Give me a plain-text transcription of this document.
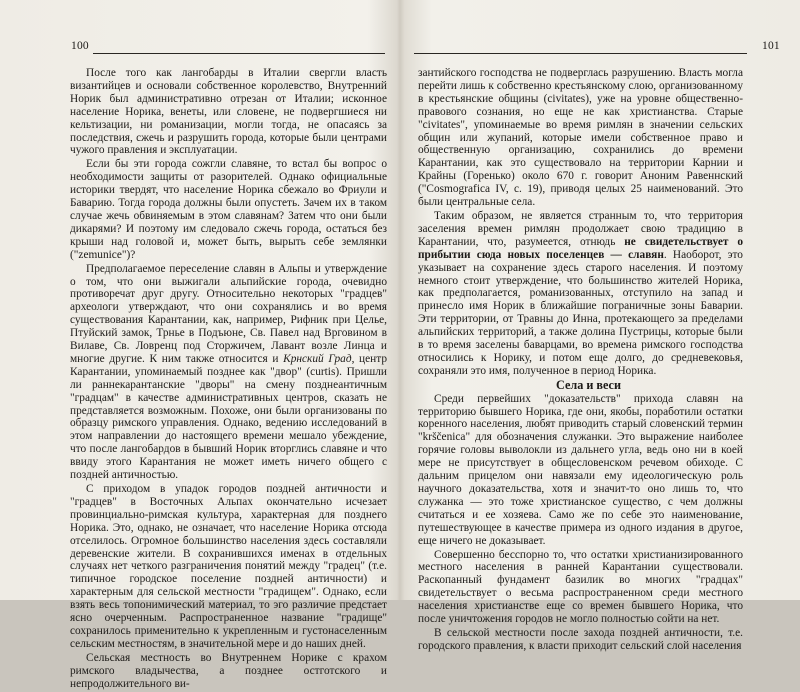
100

После того как лангобарды в Италии свергли власть византийцев и основали собственное королевство, Внутренний Норик был административно отрезан от Италии; исконное население Норика, венеты, или словене, не подвергшиеся ни кельтизации, ни романизации, могли тогда, не опасаясь за последствия, сжечь и разрушить города, которые были центрами чужого правления и эксплуатации.

Если бы эти города сожгли славяне, то встал бы вопрос о необходимости защиты от разорителей. Однако официальные историки твердят, что население Норика сбежало во Фриули и Баварию. Тогда города должны были опустеть. Зачем их в таком случае жечь обвиняемым в этом славянам? Затем что они были дикарями? И поэтому им следовало сжечь города, остаться без крыши над головой и, может быть, вырыть себе землянки ("zemunice")?

Предполагаемое переселение славян в Альпы и утверждение о том, что они выжигали альпийские города, очевидно противоречат друг другу. Относительно некоторых "градцев" археологи утверждают, что они сохранялись и во время существования Карантании, как, например, Рифник при Цельe, Птуйский замок, Трнье в Подъюне, Св. Павел над Врговином в Вилаве, Св. Ловренц под Сторжичем, Лавант возле Линца и многие другие. К ним также относится и Крнский Град, центр Карантании, упоминаемый позднее как "двор" (curtis). Пришли ли раннекарантанские "дворы" на смену позднеантичным "градцам" в качестве административных центров, сказать не представляется возможным. Похоже, они были организованы по образцу римского управления. Однако, ведению исследований в этом направлении до настоящего времени мешало убеждение, что после лангобардов в бывший Норик вторглись славяне и что ввиду этого Карантания не может иметь ничего общего с поздней античностью.

С приходом в упадок городов поздней античности и "градцев" в Восточных Альпах окончательно исчезает провинциально-римская культура, характерная для позднего Норика. Это, однако, не означает, что население Норика отсюда отселилось. Огромное большинство населения здесь составляли деревенские жители. В сохранившихся именах в отдельных случаях нет четкого разграничения понятий между "градец" (т.е. типичное городское поселение поздней античности) и характерным для сельской местности "градищем". Однако, если взять весь топонимический материал, то эго различие предстает ясно очерченным. Распространенное название "градище" сохранилось применительно к укрепленным и густонаселенным сельским местностям, в значительной мере и до наших дней.

Сельская местность во Внутреннем Норике с крахом римского владычества, а позднее остготского и непродолжительного ви-

101

зантийского господства не подверглась разрушению. Власть могла перейти лишь к собственно крестьянскому слою, организованному в крестьянские общины (civitates), уже на уровне общественно-правового сознания, но еще не как христианства. Старые "civitates", упоминаемые во время римлян в значении сельских общин или жупаний, которые имели собственное право и общественную организацию, сохранились до времени Карантании, как это существовало на территории Карнии и Крайны (Горенько) около 670 г. говорит Аноним Равеннский ("Cosmografica IV, c. 19), приводя целых 25 наименований. Это были центральные села.

Таким образом, не является странным то, что территория заселения времен римлян продолжает свою традицию в Карантании, что, разумеется, отнюдь не свидетельствует о прибытии сюда новых поселенцев — славян. Наоборот, это указывает на сохранение здесь старого населения. И поэтому немного стоит утверждение, что большинство жителей Норика, как предполагается, романизованных, отступило на запад и принесло имя Норик в ближайшие пограничные зоны Баварии. Эти территории, от Травны до Инна, протекающего за пределами альпийских территорий, а также долина Пустрицы, которые были в то время заселены баварцами, во времена римского господства относились к Норику, и потом еще долго, до средневековья, сохраняли это имя, полученное в период Норика.

Села и веси

Среди первейших "доказательств" прихода славян на территорию бывшего Норика, где они, якобы, поработили остатки коренного населения, любят приводить старый словенский термин "krščenica" для обозначения служанки. Это выражение наиболее горячие головы выволокли из дальнего угла, ведь оно ни в коей мере не присутствует в общесловенском речевом обиходе. С дальним прицелом они навязали ему идеологическую роль научного доказательства, хотя и значит-то оно лишь то, что служанка — это тоже христианское существо, с чем должны считаться и ее хозяева. Само же по себе это наименование, путешествующее в качестве примера из одного издания в другое, еще ничего не доказывает.

Совершенно бесспорно то, что остатки христианизированного местного населения в ранней Карантании существовали. Раскопанный фундамент базилик во многих "градцах" свидетельствует о весьма распространенном среди местного населения христианстве еще со времен бывшего Норика, что после уничтожения городов не могло полностью сойти на нет.

В сельской местности после захода поздней античности, т.е. городского правления, к власти приходит сельский слой населения
